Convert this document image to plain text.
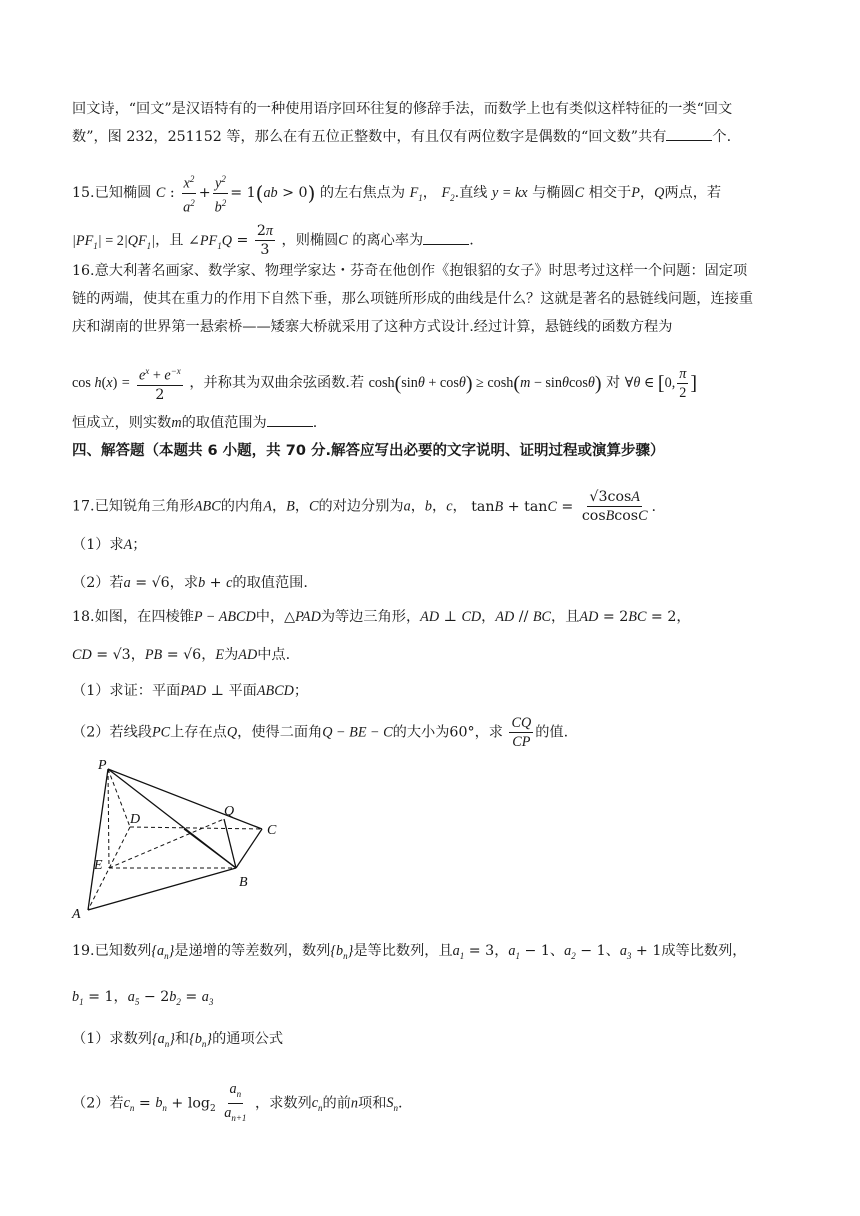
回文诗，“回文”是汉语特有的一种使用语序回环往复的修辞手法，而数学上也有类似这样特征的一类“回文
数”，图 232，251152 等，那么在有五位正整数中，有且仅有两位数字是偶数的“回文数”共有	个.
15.已知椭圆 C : $\frac{x^2}{a^2} + \frac{y^2}{b^2} = 1(ab > 0)$ 的左右焦点为 $F_1$， $F_2$.直线 y = kx 与椭圆C 相交于P，Q两点，若
$|PF_1| = 2|QF_1|$，且 $\angle PF_1Q = \frac{2\pi}{3}$ ，则椭圆C 的离心率为	.
16.意大利著名画家、数学家、物理学家达・芬奇在他创作《抱银貂的女子》时思考过这样一个问题：固定项
链的两端，使其在重力的作用下自然下垂，那么项链所形成的曲线是什么？这就是著名的悬链线问题，连接重
庆和湖南的世界第一悬索桥——矮寨大桥就采用了这种方式设计.经过计算，悬链线的函数方程为
$\cos h(x) = \frac{e^x + e^{-x}}{2}$ ，并称其为双曲余弦函数.若 cosh(sinθ + cosθ) ≥ cosh(m − sinθcosθ) 对 ∀θ ∈ [0, $\frac{\pi}{2}$ ]
恒成立，则实数m的取值范围为	.
四、解答题（本题共 6 小题，共 70 分.解答应写出必要的文字说明、证明过程或演算步骤）
17.已知锐角三角形ABC的内角A，B，C的对边分别为a，b，c， $\tan B + \tan C = \frac{√3\cos A}{\text{cosBcosC}}$ .
（1）求A；
（2）若a = √6，求b + c的取值范围.
18.如图，在四棱锥P − ABCD中，△PAD为等边三角形，AD ⊥ CD，AD // BC，且AD = 2BC = 2，
CD = √3，PB = √6，E为AD中点.
（1）求证：平面PAD ⊥ 平面ABCD；
（2）若线段PC上存在点Q，使得二面角Q − BE − C的大小为60°，求 $\frac{CQ}{CP}$ 的值.
P
Q
D
C
E
B
A
19.已知数列$\{a_n\}$是递增的等差数列，数列$\{b_n\}$是等比数列，且$a_1 = 3$，$a_1 - 1$、$a_2 - 1$、$a_3 + 1$成等比数列，
$b_1 = 1$，$a_5 - 2b_2 = a_3$
（1）求数列$\{a_n\}$和$\{b_n\}$的通项公式
（2）若$c_n = b_n + \log_2 \frac{a_n}{a_{n+1}}$ ，求数列$c_n$的前n项和$S_n$.
